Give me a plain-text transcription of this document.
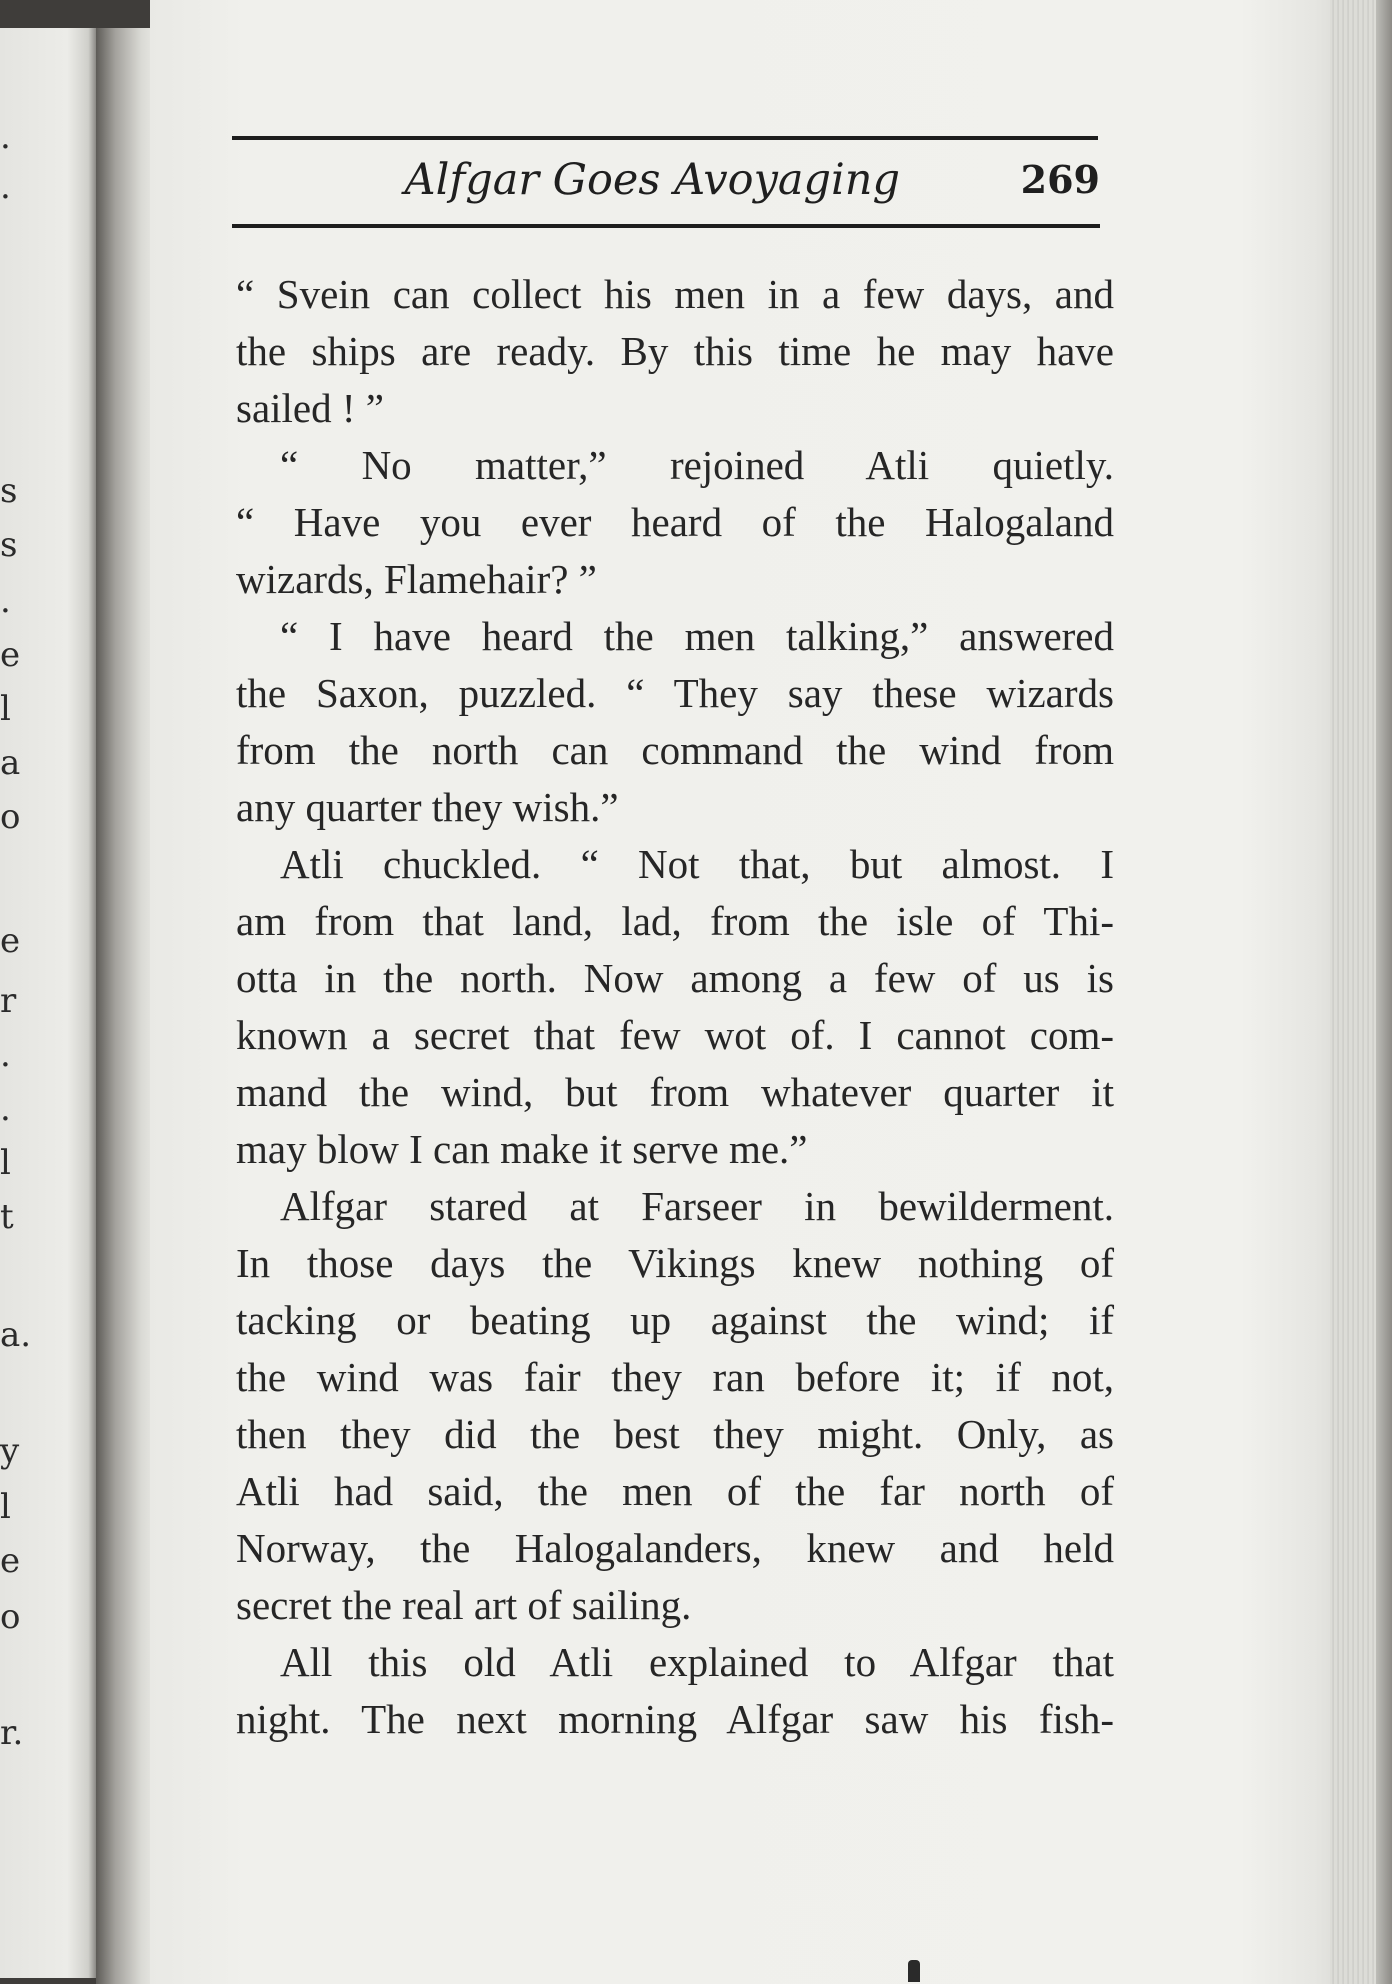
.
.
s
s
.
e
l
a
o
e
r
.
.
l
t
a.
y
l
e
o
r.
Alfgar Goes Avoyaging	269
“ Svein can collect his men in a few days, and
the ships are ready. By this time he may have
sailed ! ”
“ No matter,” rejoined Atli quietly.
“ Have you ever heard of the Halogaland
wizards, Flamehair? ”
“ I have heard the men talking,” answered
the Saxon, puzzled. “ They say these wizards
from the north can command the wind from
any quarter they wish.”
Atli chuckled. “ Not that, but almost. I
am from that land, lad, from the isle of Thi-
otta in the north. Now among a few of us is
known a secret that few wot of. I cannot com-
mand the wind, but from whatever quarter it
may blow I can make it serve me.”
Alfgar stared at Farseer in bewilderment.
In those days the Vikings knew nothing of
tacking or beating up against the wind; if
the wind was fair they ran before it; if not,
then they did the best they might. Only, as
Atli had said, the men of the far north of
Norway, the Halogalanders, knew and held
secret the real art of sailing.
All this old Atli explained to Alfgar that
night. The next morning Alfgar saw his fish-
